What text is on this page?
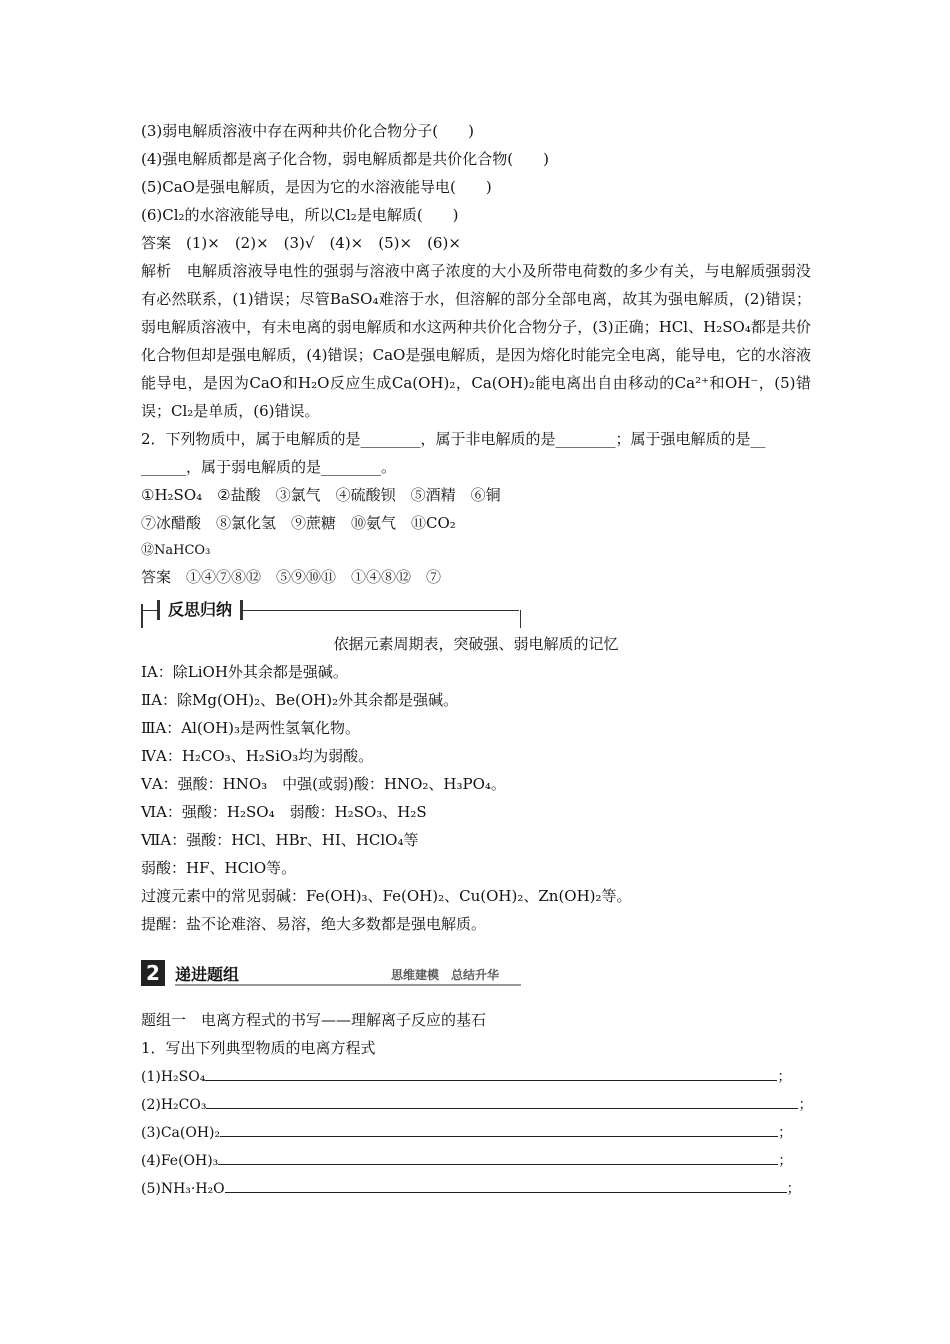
(3)弱电解质溶液中存在两种共价化合物分子(　　)
(4)强电解质都是离子化合物，弱电解质都是共价化合物(　　)
(5)CaO是强电解质，是因为它的水溶液能导电(　　)
(6)Cl₂的水溶液能导电，所以Cl₂是电解质(　　)
答案　(1)×　(2)×　(3)√　(4)×　(5)×　(6)×
解析　电解质溶液导电性的强弱与溶液中离子浓度的大小及所带电荷数的多少有关，与电解质强弱没有必然联系，(1)错误；尽管BaSO₄难溶于水，但溶解的部分全部电离，故其为强电解质，(2)错误；弱电解质溶液中，有未电离的弱电解质和水这两种共价化合物分子，(3)正确；HCl、H₂SO₄都是共价化合物但却是强电解质，(4)错误；CaO是强电解质，是因为熔化时能完全电离，能导电，它的水溶液能导电，是因为CaO和H₂O反应生成Ca(OH)₂，Ca(OH)₂能电离出自由移动的Ca²⁺和OH⁻，(5)错误；Cl₂是单质，(6)错误。
2．下列物质中，属于电解质的是________，属于非电解质的是________；属于强电解质的是__
______，属于弱电解质的是________。
①H₂SO₄　②盐酸　③氯气　④硫酸钡　⑤酒精　⑥铜
⑦冰醋酸　⑧氯化氢　⑨蔗糖　⑩氨气　⑪CO₂
⑫NaHCO₃
答案　①④⑦⑧⑫　⑤⑨⑩⑪　①④⑧⑫　⑦
反思归纳
依据元素周期表，突破强、弱电解质的记忆
ⅠA：除LiOH外其余都是强碱。
ⅡA：除Mg(OH)₂、Be(OH)₂外其余都是强碱。
ⅢA：Al(OH)₃是两性氢氧化物。
ⅣA：H₂CO₃、H₂SiO₃均为弱酸。
ⅤA：强酸：HNO₃　中强(或弱)酸：HNO₂、H₃PO₄。
ⅥA：强酸：H₂SO₄　弱酸：H₂SO₃、H₂S
ⅦA：强酸：HCl、HBr、HI、HClO₄等
弱酸：HF、HClO等。
过渡元素中的常见弱碱：Fe(OH)₃、Fe(OH)₂、Cu(OH)₂、Zn(OH)₂等。
提醒：盐不论难溶、易溶，绝大多数都是强电解质。
2 递进题组	思维建模　总结升华
题组一　电离方程式的书写——理解离子反应的基石
1．写出下列典型物质的电离方程式
(1)H₂SO₄	；
(2)H₂CO₃	；
(3)Ca(OH)₂	；
(4)Fe(OH)₃	；
(5)NH₃·H₂O	；
